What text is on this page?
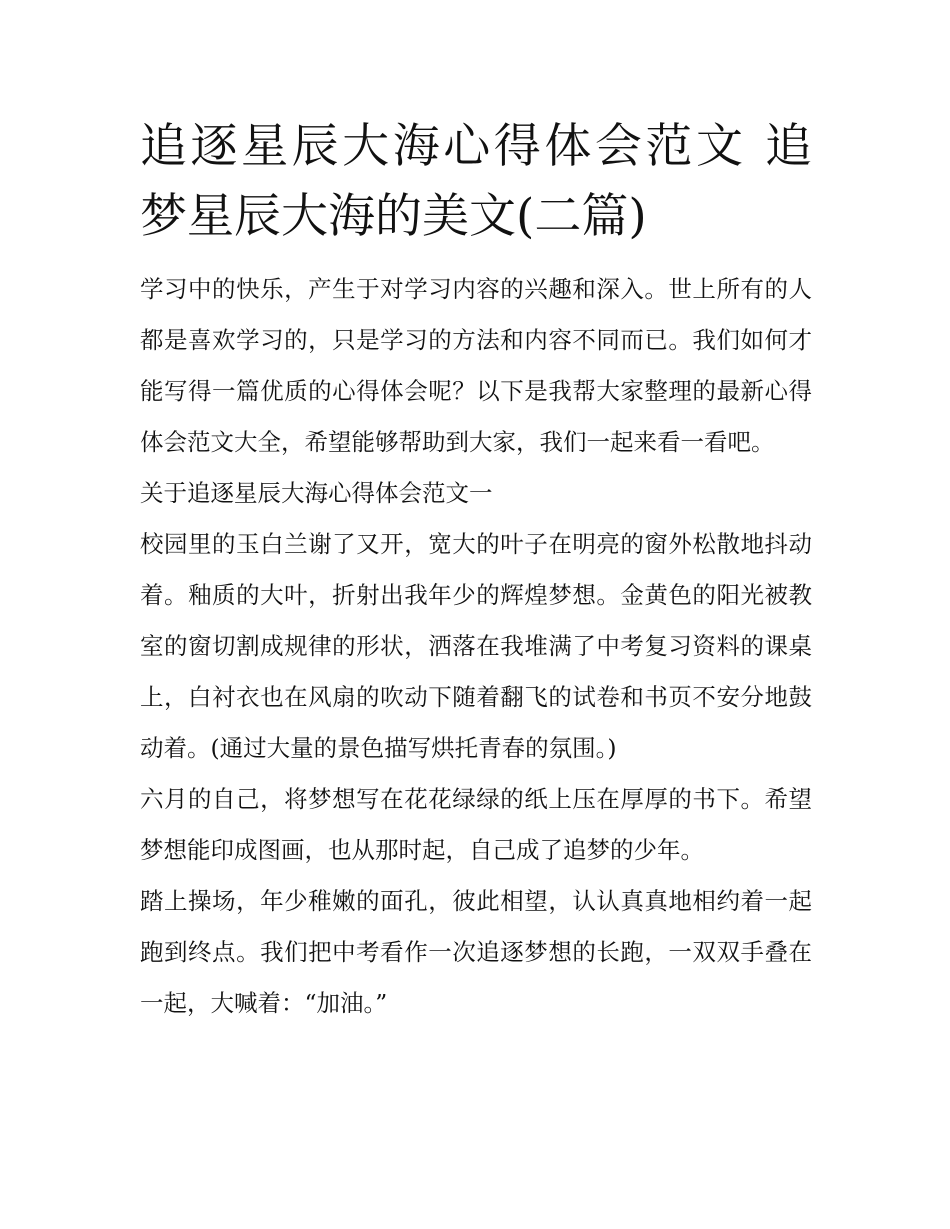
追逐星辰大海心得体会范文 追梦星辰大海的美文(二篇)

学习中的快乐，产生于对学习内容的兴趣和深入。世上所有的人都是喜欢学习的，只是学习的方法和内容不同而已。我们如何才能写得一篇优质的心得体会呢？以下是我帮大家整理的最新心得体会范文大全，希望能够帮助到大家，我们一起来看一看吧。

关于追逐星辰大海心得体会范文一

校园里的玉白兰谢了又开，宽大的叶子在明亮的窗外松散地抖动着。釉质的大叶，折射出我年少的辉煌梦想。金黄色的阳光被教室的窗切割成规律的形状，洒落在我堆满了中考复习资料的课桌上，白衬衣也在风扇的吹动下随着翻飞的试卷和书页不安分地鼓动着。(通过大量的景色描写烘托青春的氛围。)

六月的自己，将梦想写在花花绿绿的纸上压在厚厚的书下。希望梦想能印成图画，也从那时起，自己成了追梦的少年。

踏上操场，年少稚嫩的面孔，彼此相望，认认真真地相约着一起跑到终点。我们把中考看作一次追逐梦想的长跑，一双双手叠在一起，大喊着：“加油。”
